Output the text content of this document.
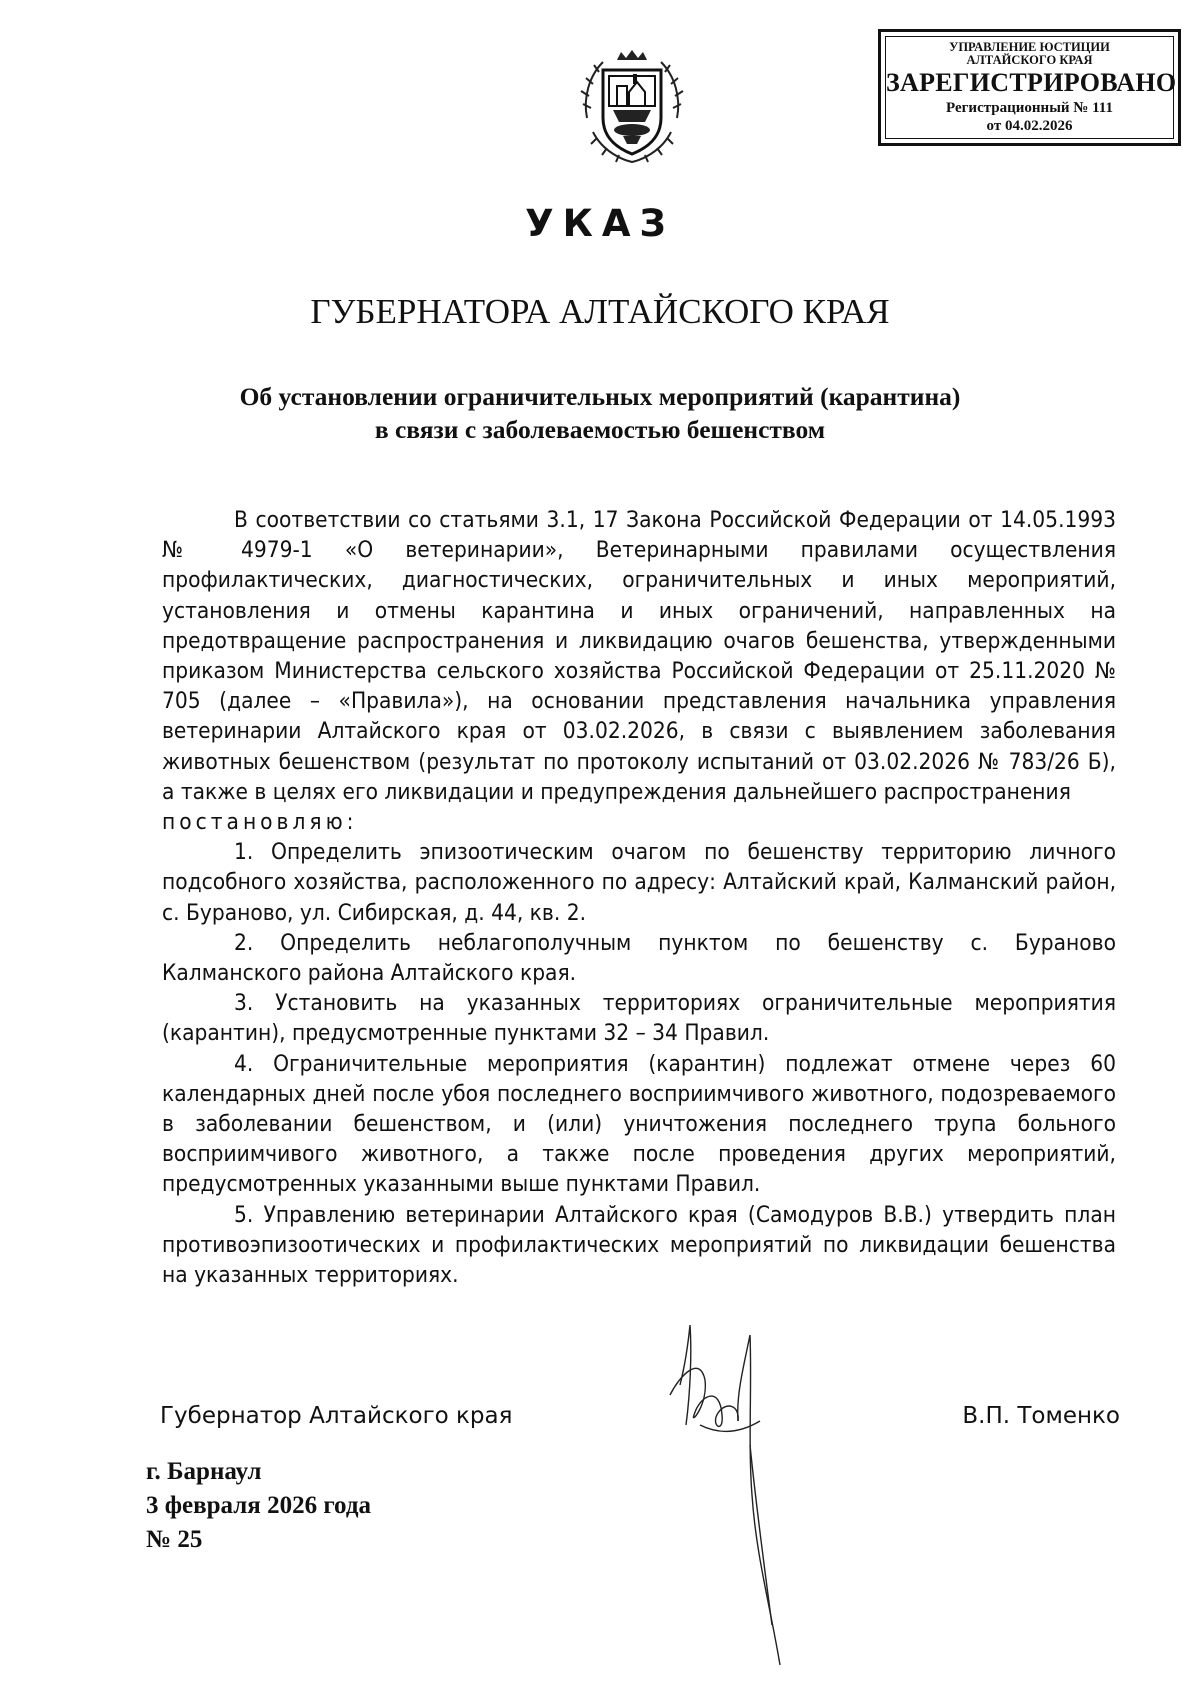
УПРАВЛЕНИЕ ЮСТИЦИИ
АЛТАЙСКОГО КРАЯ
ЗАРЕГИСТРИРОВАНО
Регистрационный № 111
от 04.02.2026
УКАЗ
ГУБЕРНАТОРА АЛТАЙСКОГО КРАЯ
Об установлении ограничительных мероприятий (карантина)
в связи с заболеваемостью бешенством

В соответствии со статьями 3.1, 17 Закона Российской Федерации от 14.05.1993 № 4979-1 «О ветеринарии», Ветеринарными правилами осуществления профилактических, диагностических, ограничительных и иных мероприятий, установления и отмены карантина и иных ограничений, направленных на предотвращение распространения и ликвидацию очагов бешенства, утвержденными приказом Министерства сельского хозяйства Российской Федерации от 25.11.2020 № 705 (далее – «Правила»), на основании представления начальника управления ветеринарии Алтайского края от 03.02.2026, в связи с выявлением заболевания животных бешенством (результат по протоколу испытаний от 03.02.2026 № 783/26 Б), а также в целях его ликвидации и предупреждения дальнейшего распространения

постановляю:

1. Определить эпизоотическим очагом по бешенству территорию личного подсобного хозяйства, расположенного по адресу: Алтайский край, Калманский район, с. Бураново, ул. Сибирская, д. 44, кв. 2.

2. Определить неблагополучным пунктом по бешенству с. Бураново Калманского района Алтайского края.

3. Установить на указанных территориях ограничительные мероприятия (карантин), предусмотренные пунктами 32 – 34 Правил.

4. Ограничительные мероприятия (карантин) подлежат отмене через 60 календарных дней после убоя последнего восприимчивого животного, подозреваемого в заболевании бешенством, и (или) уничтожения последнего трупа больного восприимчивого животного, а также после проведения других мероприятий, предусмотренных указанными выше пунктами Правил.

5. Управлению ветеринарии Алтайского края (Самодуров В.В.) утвердить план противоэпизоотических и профилактических мероприятий по ликвидации бешенства на указанных территориях.

Губернатор Алтайского края	В.П. Томенко
г. Барнаул
3 февраля 2026 года
№ 25
